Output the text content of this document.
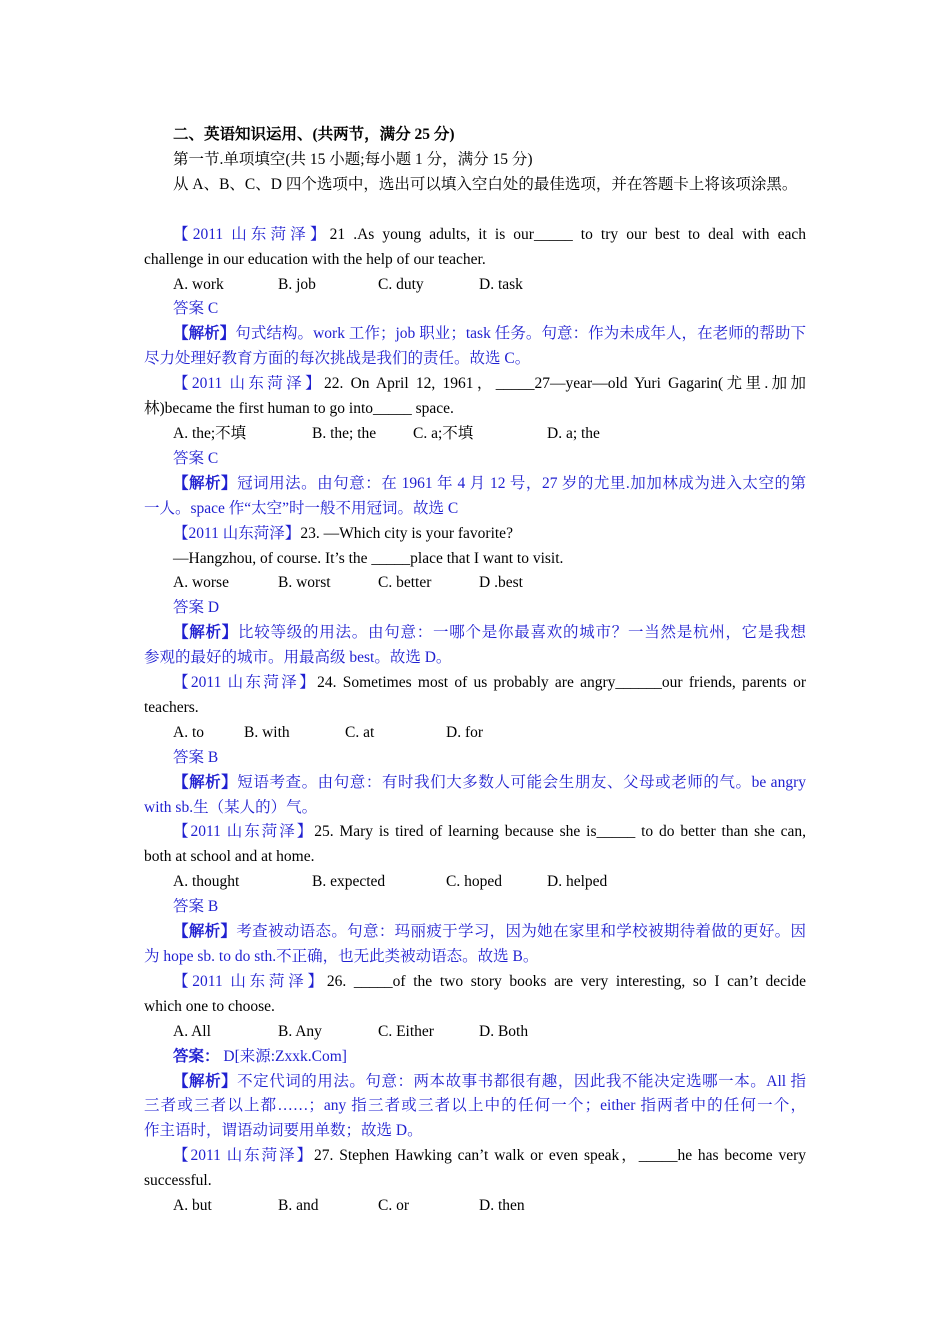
二、英语知识运用、(共两节，满分 25 分)
第一节.单项填空(共 15 小题;每小题 1 分，满分 15 分)
从 A、B、C、D 四个选项中，选出可以填入空白处的最佳选项，并在答题卡上将该项涂黑。
【2011 山东菏泽】21 .As young adults, it is our_____ to try our best to deal with each
challenge in our education with the help of our teacher.
A. work	B. job	C. duty	D. task
答案 C
【解析】句式结构。work 工作；job 职业；task 任务。句意：作为未成年人，在老师的帮助下
尽力处理好教育方面的每次挑战是我们的责任。故选 C。
【2011 山东菏泽】22. On April 12, 1961，_____27—year—old Yuri Gagarin(尤里.加加
林)became the first human to go into_____ space.
A. the;不填	B. the; the C. a;不填	D. a; the
答案 C
【解析】冠词用法。由句意：在 1961 年 4 月 12 号，27 岁的尤里.加加林成为进入太空的第
一人。space 作“太空”时一般不用冠词。故选 C
【2011 山东菏泽】23. —Which city is your favorite?
—Hangzhou, of course. It’s the _____place that I want to visit.
A. worse	B. worst	C. better	D .best
答案 D
【解析】比较等级的用法。由句意：一哪个是你最喜欢的城市？一当然是杭州，它是我想
参观的最好的城市。用最高级 best。故选 D。
【2011 山东菏泽】24. Sometimes most of us probably are angry______our friends, parents or
teachers.
A. to	B. with	C. at	D. for
答案 B
【解析】短语考查。由句意：有时我们大多数人可能会生朋友、父母或老师的气。be angry
with sb.生（某人的）气。
【2011 山东菏泽】25. Mary is tired of learning because she is_____ to do better than she can,
both at school and at home.
A. thought	B. expected	C. hoped	D. helped
答案 B
【解析】考查被动语态。句意：玛丽疲于学习，因为她在家里和学校被期待着做的更好。因
为 hope sb. to do sth.不正确，也无此类被动语态。故选 B。
【2011 山东菏泽】26. _____of the two story books are very interesting, so I can’t decide
which one to choose.
A. All	B. Any	C. Either	D. Both
答案： D[来源:Zxxk.Com]
【解析】不定代词的用法。句意：两本故事书都很有趣，因此我不能决定选哪一本。All 指
三者或三者以上都……；any 指三者或三者以上中的任何一个；either 指两者中的任何一个，
作主语时，谓语动词要用单数；故选 D。
【2011 山东菏泽】27. Stephen Hawking can’t walk or even speak，_____he has become very
successful.
A. but	B. and	C. or	D. then
